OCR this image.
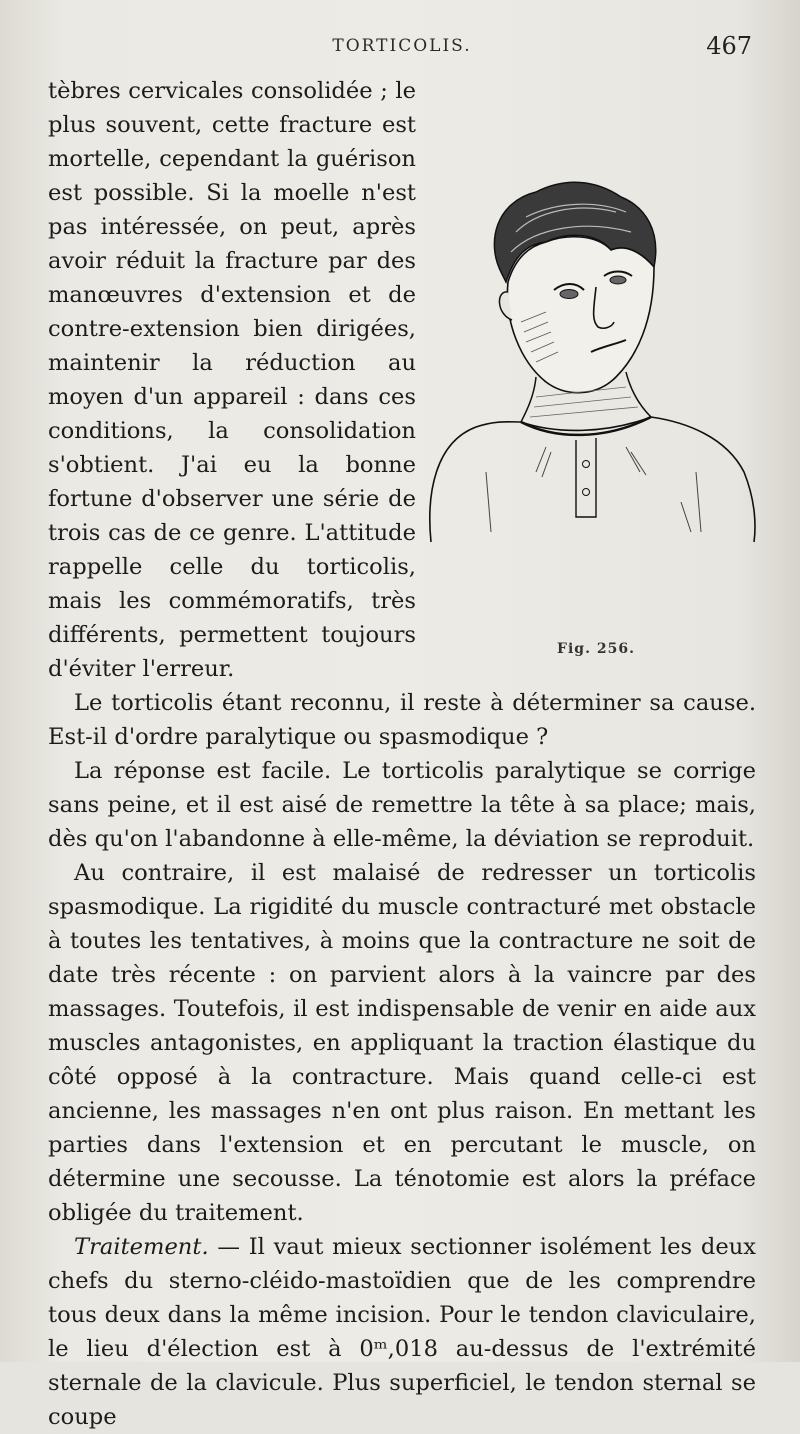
TORTICOLIS.	467
Fig. 256.

tèbres cervicales consolidée ; le plus souvent, cette fracture est mortelle, cependant la guérison est possible. Si la moelle n'est pas intéressée, on peut, après avoir réduit la fracture par des manœuvres d'extension et de contre-extension bien dirigées, maintenir la réduction au moyen d'un appareil : dans ces conditions, la consolidation s'obtient. J'ai eu la bonne fortune d'observer une série de trois cas de ce genre. L'attitude rappelle celle du torticolis, mais les commémoratifs, très différents, permettent toujours d'éviter l'erreur.

Le torticolis étant reconnu, il reste à déterminer sa cause. Est-il d'ordre paralytique ou spasmodique ?

La réponse est facile. Le torticolis paralytique se corrige sans peine, et il est aisé de remettre la tête à sa place; mais, dès qu'on l'abandonne à elle-même, la déviation se reproduit.

Au contraire, il est malaisé de redresser un torticolis spasmodique. La rigidité du muscle contracturé met obstacle à toutes les tentatives, à moins que la contracture ne soit de date très récente : on parvient alors à la vaincre par des massages. Toutefois, il est indispensable de venir en aide aux muscles antagonistes, en appliquant la traction élastique du côté opposé à la contracture. Mais quand celle-ci est ancienne, les massages n'en ont plus raison. En mettant les parties dans l'extension et en percutant le muscle, on détermine une secousse. La ténotomie est alors la préface obligée du traitement.

Traitement. — Il vaut mieux sectionner isolément les deux chefs du sterno-cléido-mastoïdien que de les comprendre tous deux dans la même incision. Pour le tendon claviculaire, le lieu d'élection est à 0ᵐ,018 au-dessus de l'extrémité sternale de la clavicule. Plus superficiel, le tendon sternal se coupe
